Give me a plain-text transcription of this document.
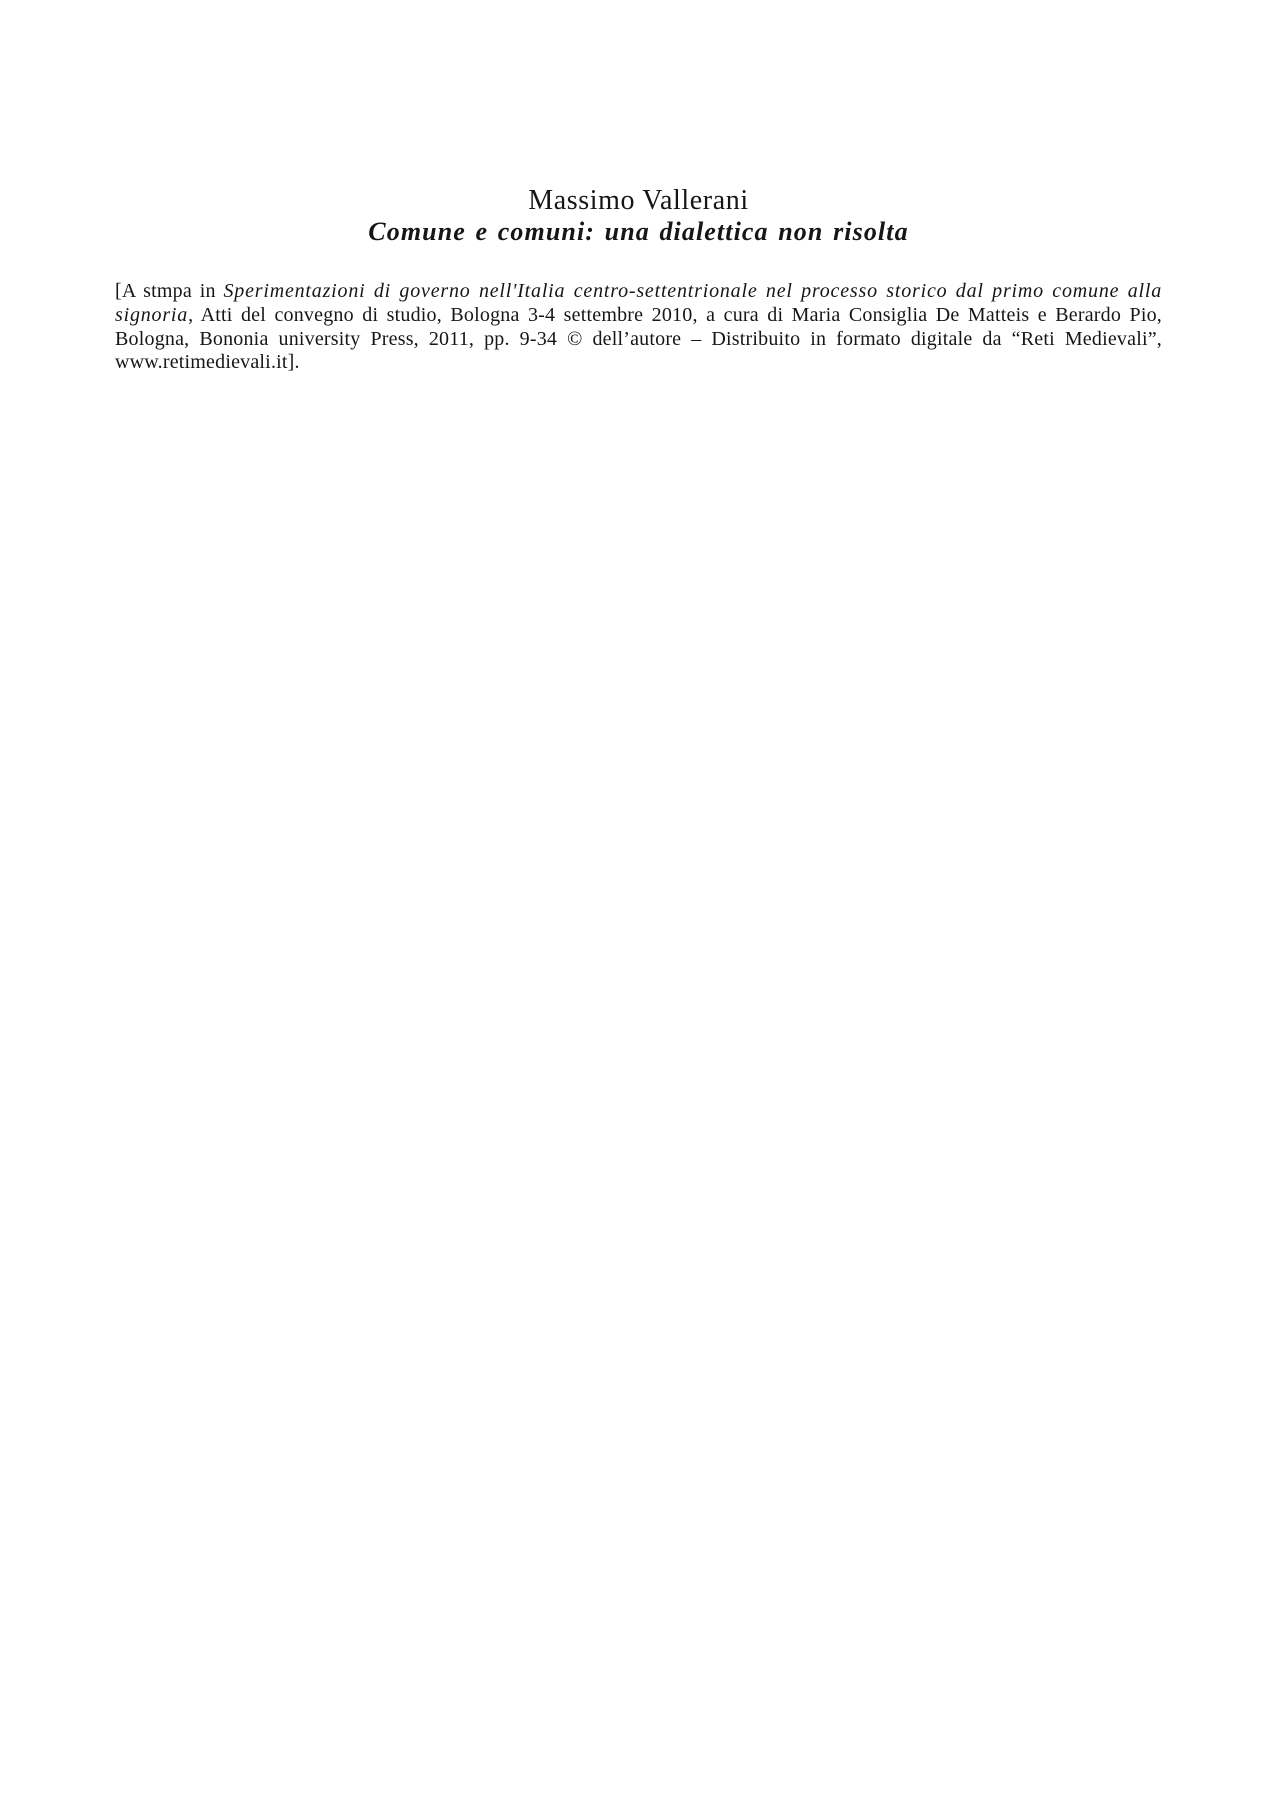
Massimo Vallerani
Comune e comuni: una dialettica non risolta

[A stmpa in Sperimentazioni di governo nell'Italia centro-settentrionale nel processo storico dal primo comune alla signoria, Atti del convegno di studio, Bologna 3-4 settembre 2010, a cura di Maria Consiglia De Matteis e Berardo Pio, Bologna, Bononia university Press, 2011, pp. 9-34 © dell’autore – Distribuito in formato digitale da “Reti Medievali”, www.retimedievali.it].
